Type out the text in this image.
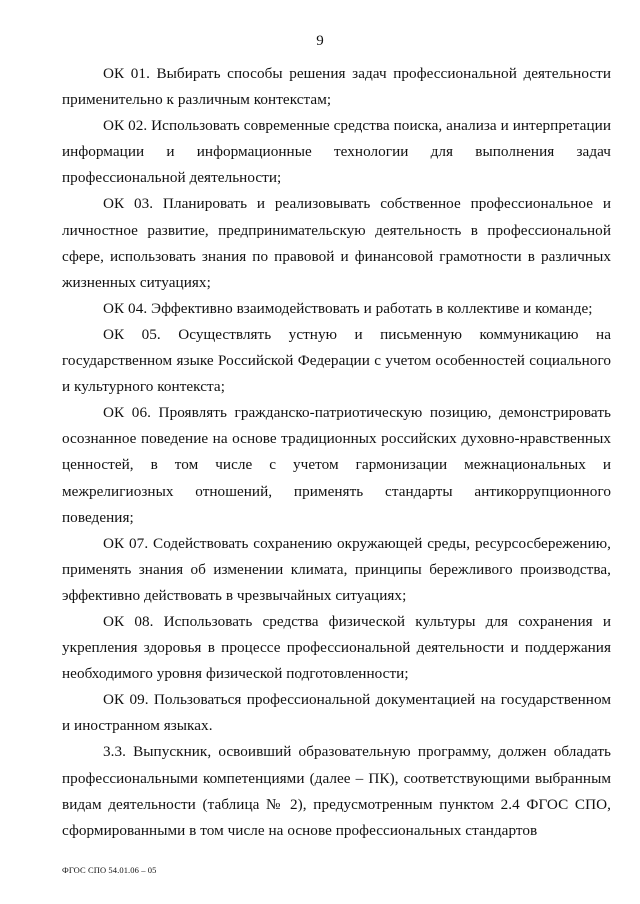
9

ОК 01. Выбирать способы решения задач профессиональной деятельности применительно к различным контекстам;

ОК 02. Использовать современные средства поиска, анализа и интерпретации информации и информационные технологии для выполнения задач профессиональной деятельности;

ОК 03. Планировать и реализовывать собственное профессиональное и личностное развитие, предпринимательскую деятельность в профессиональной сфере, использовать знания по правовой и финансовой грамотности в различных жизненных ситуациях;

ОК 04. Эффективно взаимодействовать и работать в коллективе и команде;

ОК 05. Осуществлять устную и письменную коммуникацию на государственном языке Российской Федерации с учетом особенностей социального и культурного контекста;

ОК 06. Проявлять гражданско-патриотическую позицию, демонстрировать осознанное поведение на основе традиционных российских духовно-нравственных ценностей, в том числе с учетом гармонизации межнациональных и межрелигиозных отношений, применять стандарты антикоррупционного поведения;

ОК 07. Содействовать сохранению окружающей среды, ресурсосбережению, применять знания об изменении климата, принципы бережливого производства, эффективно действовать в чрезвычайных ситуациях;

ОК 08. Использовать средства физической культуры для сохранения и укрепления здоровья в процессе профессиональной деятельности и поддержания необходимого уровня физической подготовленности;

ОК 09. Пользоваться профессиональной документацией на государственном и иностранном языках.

3.3. Выпускник, освоивший образовательную программу, должен обладать профессиональными компетенциями (далее – ПК), соответствующими выбранным видам деятельности (таблица № 2), предусмотренным пунктом 2.4 ФГОС СПО, сформированными в том числе на основе профессиональных стандартов

ФГОС СПО 54.01.06 – 05
